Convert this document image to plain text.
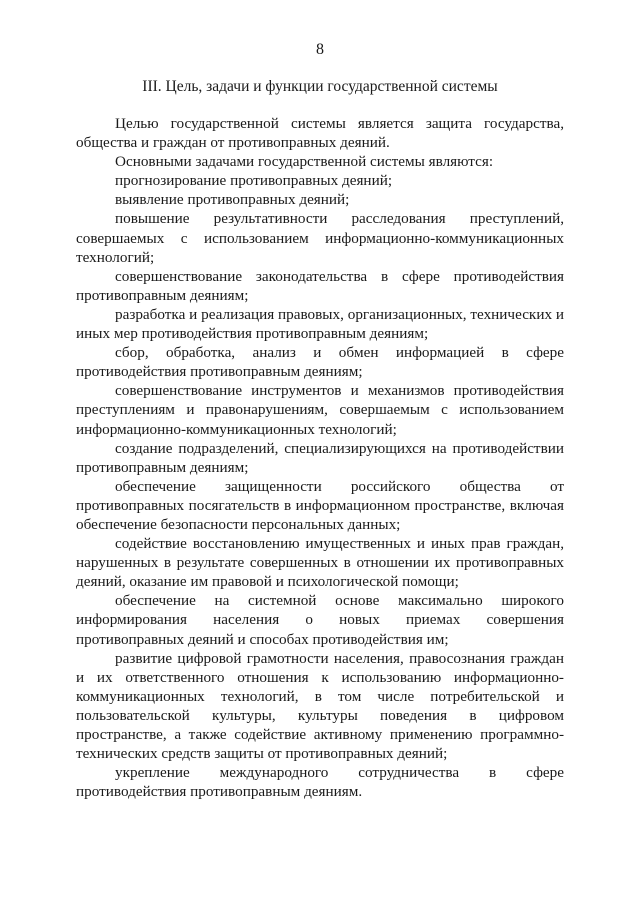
8
III. Цель, задачи и функции государственной системы

Целью государственной системы является защита государства, общества и граждан от противоправных деяний.

Основными задачами государственной системы являются:

прогнозирование противоправных деяний;

выявление противоправных деяний;

повышение результативности расследования преступлений, совершаемых с использованием информационно-коммуникационных технологий;

совершенствование законодательства в сфере противодействия противоправным деяниям;

разработка и реализация правовых, организационных, технических и иных мер противодействия противоправным деяниям;

сбор, обработка, анализ и обмен информацией в сфере противодействия противоправным деяниям;

совершенствование инструментов и механизмов противодействия преступлениям и правонарушениям, совершаемым с использованием информационно-коммуникационных технологий;

создание подразделений, специализирующихся на противодействии противоправным деяниям;

обеспечение защищенности российского общества от противоправных посягательств в информационном пространстве, включая обеспечение безопасности персональных данных;

содействие восстановлению имущественных и иных прав граждан, нарушенных в результате совершенных в отношении их противоправных деяний, оказание им правовой и психологической помощи;

обеспечение на системной основе максимально широкого информирования населения о новых приемах совершения противоправных деяний и способах противодействия им;

развитие цифровой грамотности населения, правосознания граждан и их ответственного отношения к использованию информационно-коммуникационных технологий, в том числе потребительской и пользовательской культуры, культуры поведения в цифровом пространстве, а также содействие активному применению программно-технических средств защиты от противоправных деяний;

укрепление международного сотрудничества в сфере противодействия противоправным деяниям.
